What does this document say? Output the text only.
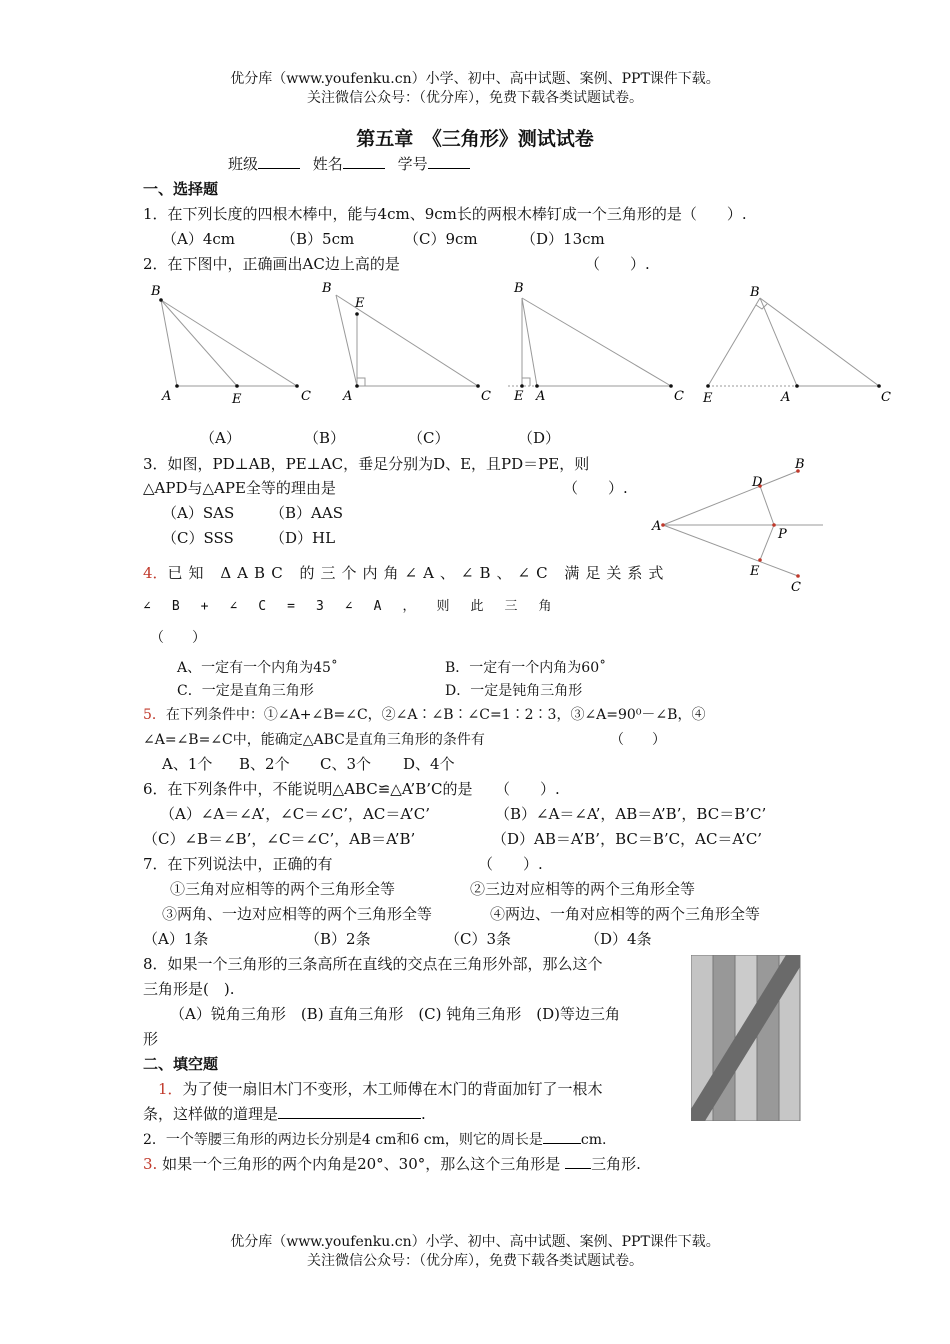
优分库（www.youfenku.cn）小学、初中、高中试题、案例、PPT课件下载。
关注微信公众号：（优分库），免费下载各类试题试卷。
第五章　《三角形》测试试卷
班级	姓名	学号
一、选择题
1．在下列长度的四根木棒中，能与4cm、9cm长的两根木棒钉成一个三角形的是（　　）.
（A）4cm	（B）5cm	（C）9cm	（D）13cm
2．在下图中，正确画出AC边上高的是	（　　）.
B
A	E	C
B
E
A	C
B
E A	C
B
E	A	C
（A）	（B）	（C）	（D）
3．如图，PD⊥AB，PE⊥AC，垂足分别为D、E，且PD＝PE，则
△APD与△APE全等的理由是	（　　）.
（A）SAS （B）AAS
（C）SSS （D）HL
A
B
D
P
E
C
4．已知 ΔABC 的三个内角∠A、∠B、∠C 满足关系式
∠B+∠C=3∠A，则此三角
（　　）
A、一定有一个内角为45˚	B．一定有一个内角为60˚
C．一定是直角三角形	D．一定是钝角三角形
5．在下列条件中：①∠A+∠B=∠C，②∠A∶∠B∶∠C=1∶2∶3，③∠A=90⁰－∠B，④
∠A=∠B=∠C中，能确定△ABC是直角三角形的条件有	（　　）
A、1个 B、2个 C、3个 D、4个
6．在下列条件中，不能说明△ABC≌△A’B’C的是　　（　　）.
（A）∠A＝∠A’，∠C＝∠C’，AC＝A’C’	（B）∠A＝∠A’，AB＝A’B’，BC＝B’C’
（C）∠B＝∠B’，∠C＝∠C’，AB＝A’B’	（D）AB＝A’B’，BC＝B’C，AC＝A’C’
7．在下列说法中，正确的有	（　　）.
①三角对应相等的两个三角形全等	②三边对应相等的两个三角形全等
③两角、一边对应相等的两个三角形全等	④两边、一角对应相等的两个三角形全等
（A）1条	（B）2条	（C）3条	（D）4条
8．如果一个三角形的三条高所在直线的交点在三角形外部，那么这个
三角形是(　).
（A）锐角三角形　(B) 直角三角形　(C) 钝角三角形　(D)等边三角
形
二、填空题
1．为了使一扇旧木门不变形，木工师傅在木门的背面加钉了一根木
条，这样做的道理是	.
2．一个等腰三角形的两边长分别是4 cm和6 cm，则它的周长是	cm.
3. 如果一个三角形的两个内角是20°、30°，那么这个三角形是 三角形.
优分库（www.youfenku.cn）小学、初中、高中试题、案例、PPT课件下载。
关注微信公众号：（优分库），免费下载各类试题试卷。
